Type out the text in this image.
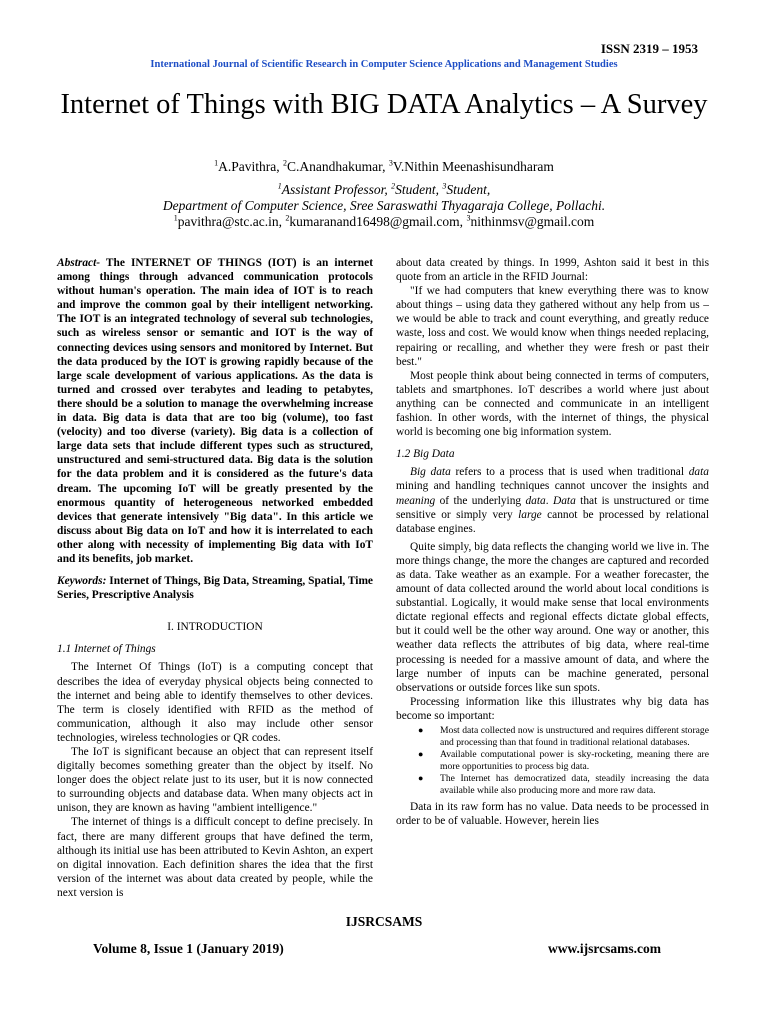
ISSN 2319 – 1953
International Journal of Scientific Research in Computer Science Applications and Management Studies
Internet of Things with BIG DATA Analytics – A Survey
$^1$A.Pavithra, $^2$C.Anandhakumar, $^3$V.Nithin Meenashisundharam
$^1$Assistant Professor, $^2$Student, $^3$Student,
Department of Computer Science, Sree Saraswathi Thyagaraja College, Pollachi.
$^1$pavithra@stc.ac.in, $^2$kumaranand16498@gmail.com, $^3$nithinmsv@gmail.com

Abstract- The INTERNET OF THINGS (IOT) is an internet among things through advanced communication protocols without human's operation. The main idea of IOT is to reach and improve the common goal by their intelligent networking. The IOT is an integrated technology of several sub technologies, such as wireless sensor or semantic and IOT is the way of connecting devices using sensors and monitored by Internet. But the data produced by the IOT is growing rapidly because of the large scale development of various applications. As the data is turned and crossed over terabytes and leading to petabytes, there should be a solution to manage the overwhelming increase in data. Big data is data that are too big (volume), too fast (velocity) and too diverse (variety). Big data is a collection of large data sets that include different types such as structured, unstructured and semi-structured data. Big data is the solution for the data problem and it is considered as the future's data dream. The upcoming IoT will be greatly presented by the enormous quantity of heterogeneous networked embedded devices that generate intensively "Big data". In this article we discuss about Big data on IoT and how it is interrelated to each other along with necessity of implementing Big data with IoT and its benefits, job market.

Keywords: Internet of Things, Big Data, Streaming, Spatial, Time Series, Prescriptive Analysis

I. INTRODUCTION

1.1 Internet of Things

The Internet Of Things (IoT) is a computing concept that describes the idea of everyday physical objects being connected to the internet and being able to identify themselves to other devices. The term is closely identified with RFID as the method of communication, although it also may include other sensor technologies, wireless technologies or QR codes.

The IoT is significant because an object that can represent itself digitally becomes something greater than the object by itself. No longer does the object relate just to its user, but it is now connected to surrounding objects and database data. When many objects act in unison, they are known as having "ambient intelligence."

The internet of things is a difficult concept to define precisely. In fact, there are many different groups that have defined the term, although its initial use has been attributed to Kevin Ashton, an expert on digital innovation. Each definition shares the idea that the first version of the internet was about data created by people, while the next version is

about data created by things. In 1999, Ashton said it best in this quote from an article in the RFID Journal:

"If we had computers that knew everything there was to know about things – using data they gathered without any help from us – we would be able to track and count everything, and greatly reduce waste, loss and cost. We would know when things needed replacing, repairing or recalling, and whether they were fresh or past their best."

Most people think about being connected in terms of computers, tablets and smartphones. IoT describes a world where just about anything can be connected and communicate in an intelligent fashion. In other words, with the internet of things, the physical world is becoming one big information system.

1.2 Big Data

Big data refers to a process that is used when traditional data mining and handling techniques cannot uncover the insights and meaning of the underlying data. Data that is unstructured or time sensitive or simply very large cannot be processed by relational database engines.

Quite simply, big data reflects the changing world we live in. The more things change, the more the changes are captured and recorded as data. Take weather as an example. For a weather forecaster, the amount of data collected around the world about local conditions is substantial. Logically, it would make sense that local environments dictate regional effects and regional effects dictate global effects, but it could well be the other way around. One way or another, this weather data reflects the attributes of big data, where real-time processing is needed for a massive amount of data, and where the large number of inputs can be machine generated, personal observations or outside forces like sun spots.

Processing information like this illustrates why big data has become so important:

● Most data collected now is unstructured and requires different storage and processing than that found in traditional relational databases.
● Available computational power is sky-rocketing, meaning there are more opportunities to process big data.
● The Internet has democratized data, steadily increasing the data available while also producing more and more raw data.

Data in its raw form has no value. Data needs to be processed in order to be of valuable. However, herein lies

IJSRCSAMS
Volume 8, Issue 1 (January 2019)	www.ijsrcsams.com
